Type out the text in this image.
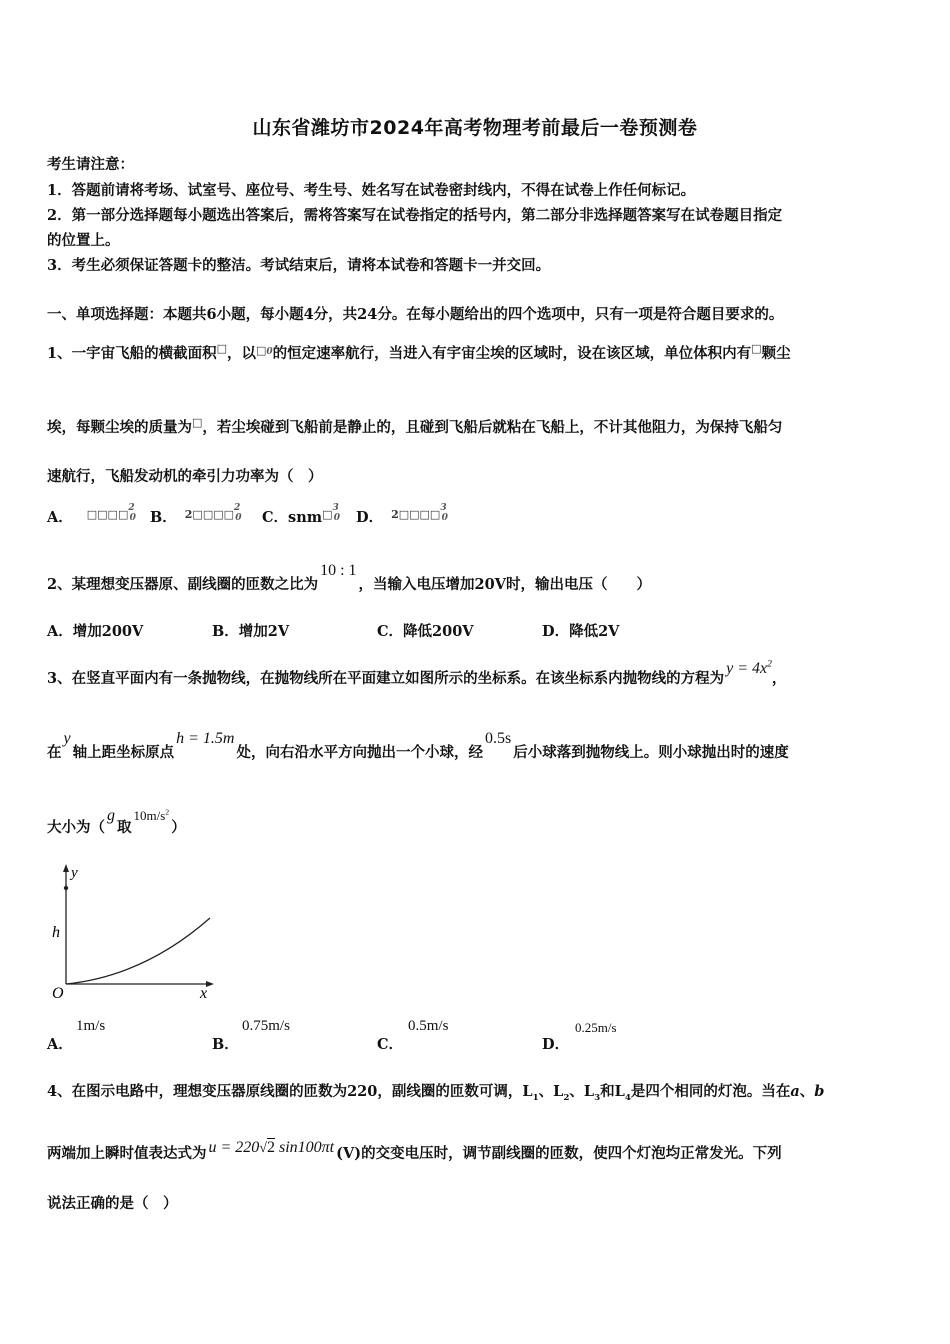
山东省潍坊市2024年高考物理考前最后一卷预测卷
考生请注意：
1．答题前请将考场、试室号、座位号、考生号、姓名写在试卷密封线内，不得在试卷上作任何标记。
2．第一部分选择题每小题选出答案后，需将答案写在试卷指定的括号内，第二部分非选择题答案写在试卷题目指定
的位置上。
3．考生必须保证答题卡的整洁。考试结束后，请将本试卷和答题卡一并交回。
一、单项选择题：本题共6小题，每小题4分，共24分。在每小题给出的四个选项中，只有一项是符合题目要求的。
1、一宇宙飞船的横截面积□，以$^{□0}$的恒定速率航行，当进入有宇宙尘埃的区域时，设在该区域，单位体积内有□颗尘
埃，每颗尘埃的质量为□，若尘埃碰到飞船前是静止的，且碰到飞船后就粘在飞船上，不计其他阻力，为保持飞船匀
速航行，飞船发动机的牵引力功率为（　）
A． $^{□□□□2}$0 B． $^{2□□□□2}$0	C．snm$^{□3}$0	D． $^{2□□□□3}$0
2、某理想变压器原、副线圈的匝数之比为10 : 1，当输入电压增加20V时，输出电压（　　）
A．增加200V	B．增加2V	C．降低200V	D．降低2V
3、在竖直平面内有一条抛物线，在抛物线所在平面建立如图所示的坐标系。在该坐标系内抛物线的方程为$y = 4x^2$，
在y轴上距坐标原点h = 1.5m处，向右沿水平方向抛出一个小球，经0.5s后小球落到抛物线上。则小球抛出时的速度
大小为（g取$10m/s^2$）
y
h
O	x
A．
1m/s
B．
0.75m/s
C．
0.5m/s
D．
0.25m/s
4、在图示电路中，理想变压器原线圈的匝数为220，副线圈的匝数可调，$L_1$、$L_2$、$L_3$和$L_4$是四个相同的灯泡。当在a、b
两端加上瞬时值表达式为 u = 220√2 sin100πt (V)的交变电压时，调节副线圈的匝数，使四个灯泡均正常发光。下列
说法正确的是（　）
